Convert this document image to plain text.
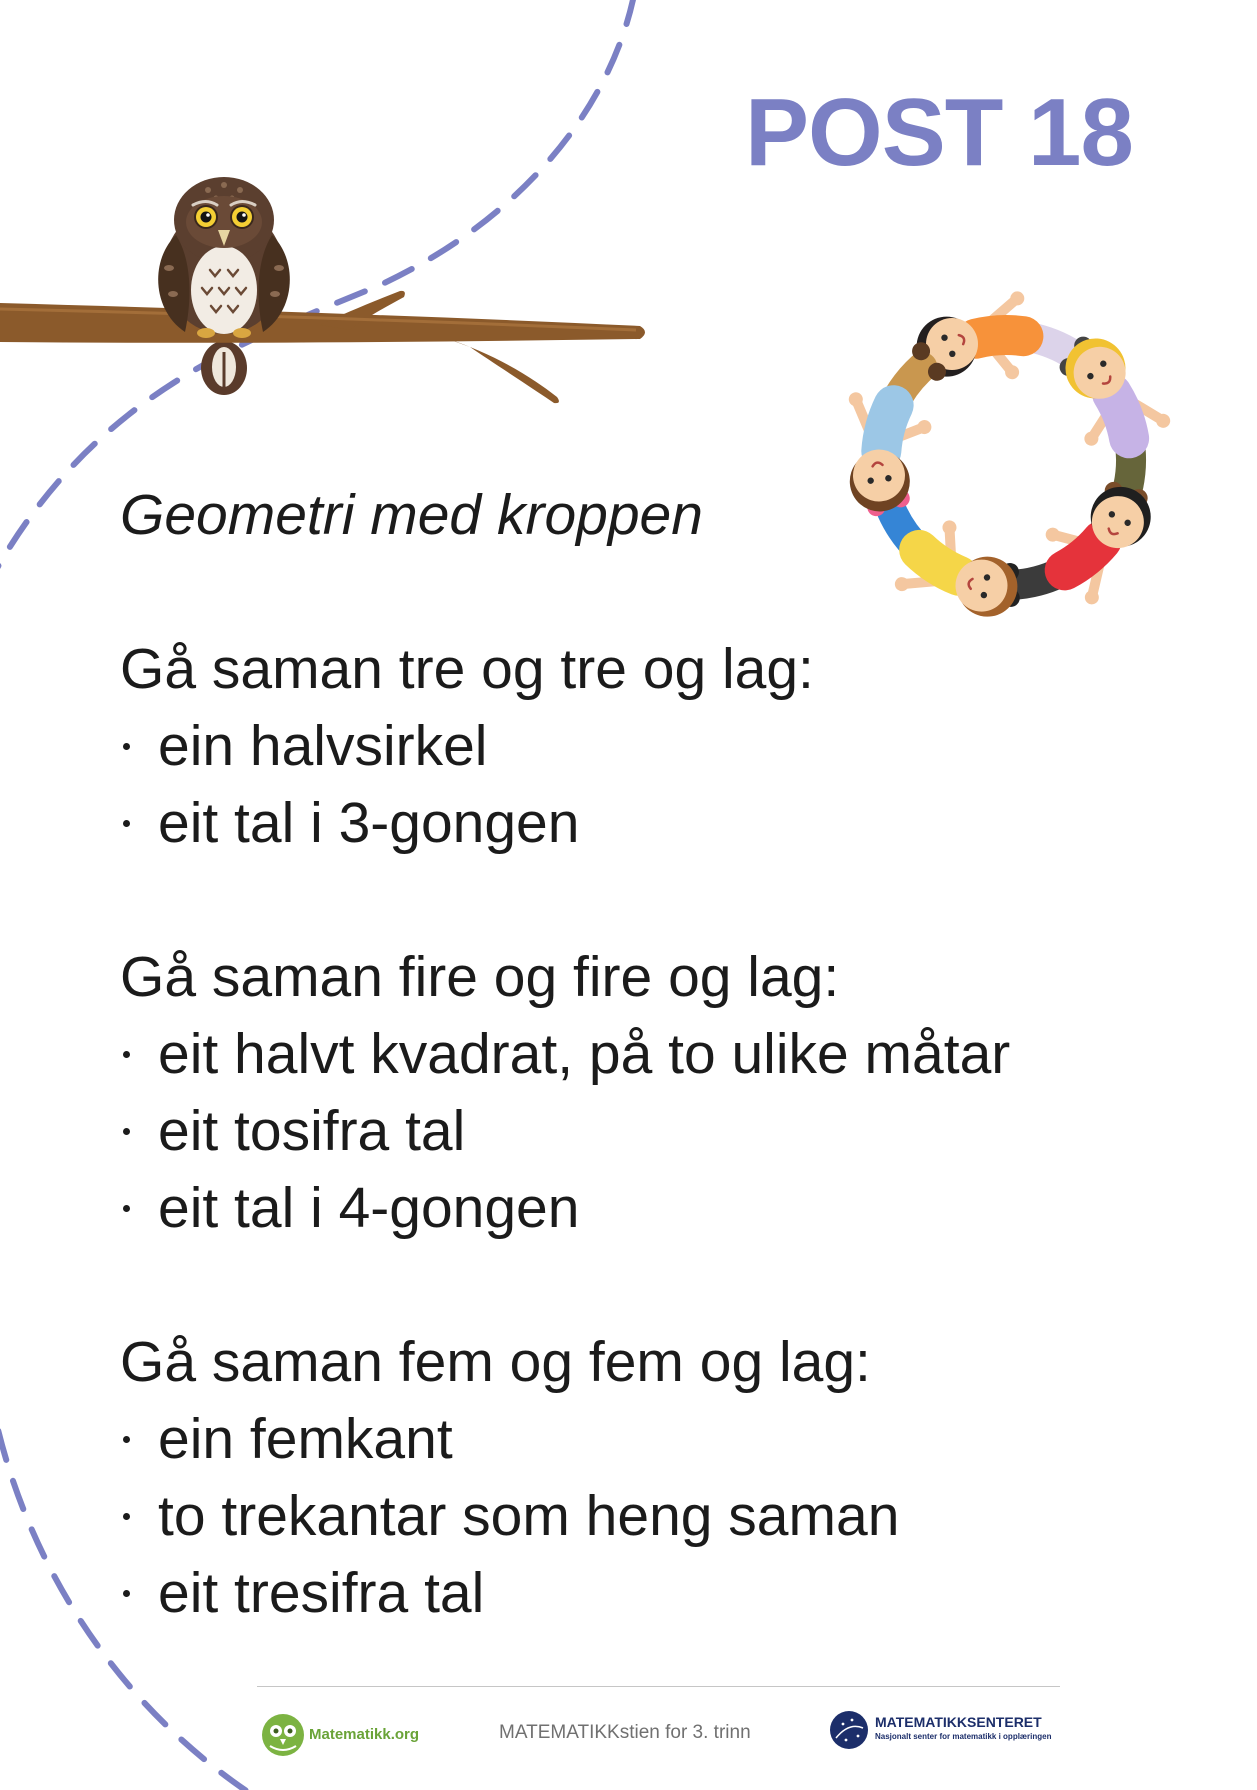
POST 18
Geometri med kroppen
Gå saman tre og tre og lag:
ein halvsirkel
eit tal i 3-gongen
Gå saman fire og fire og lag:
eit halvt kvadrat, på to ulike måtar
eit tosifra tal
eit tal i 4-gongen
Gå saman fem og fem og lag:
ein femkant
to trekantar som heng saman
eit tresifra tal
Matematikk.org	MATEMATIKKstien for 3. trinn	MATEMATIKKSENTERET
Nasjonalt senter for matematikk i opplæringen
